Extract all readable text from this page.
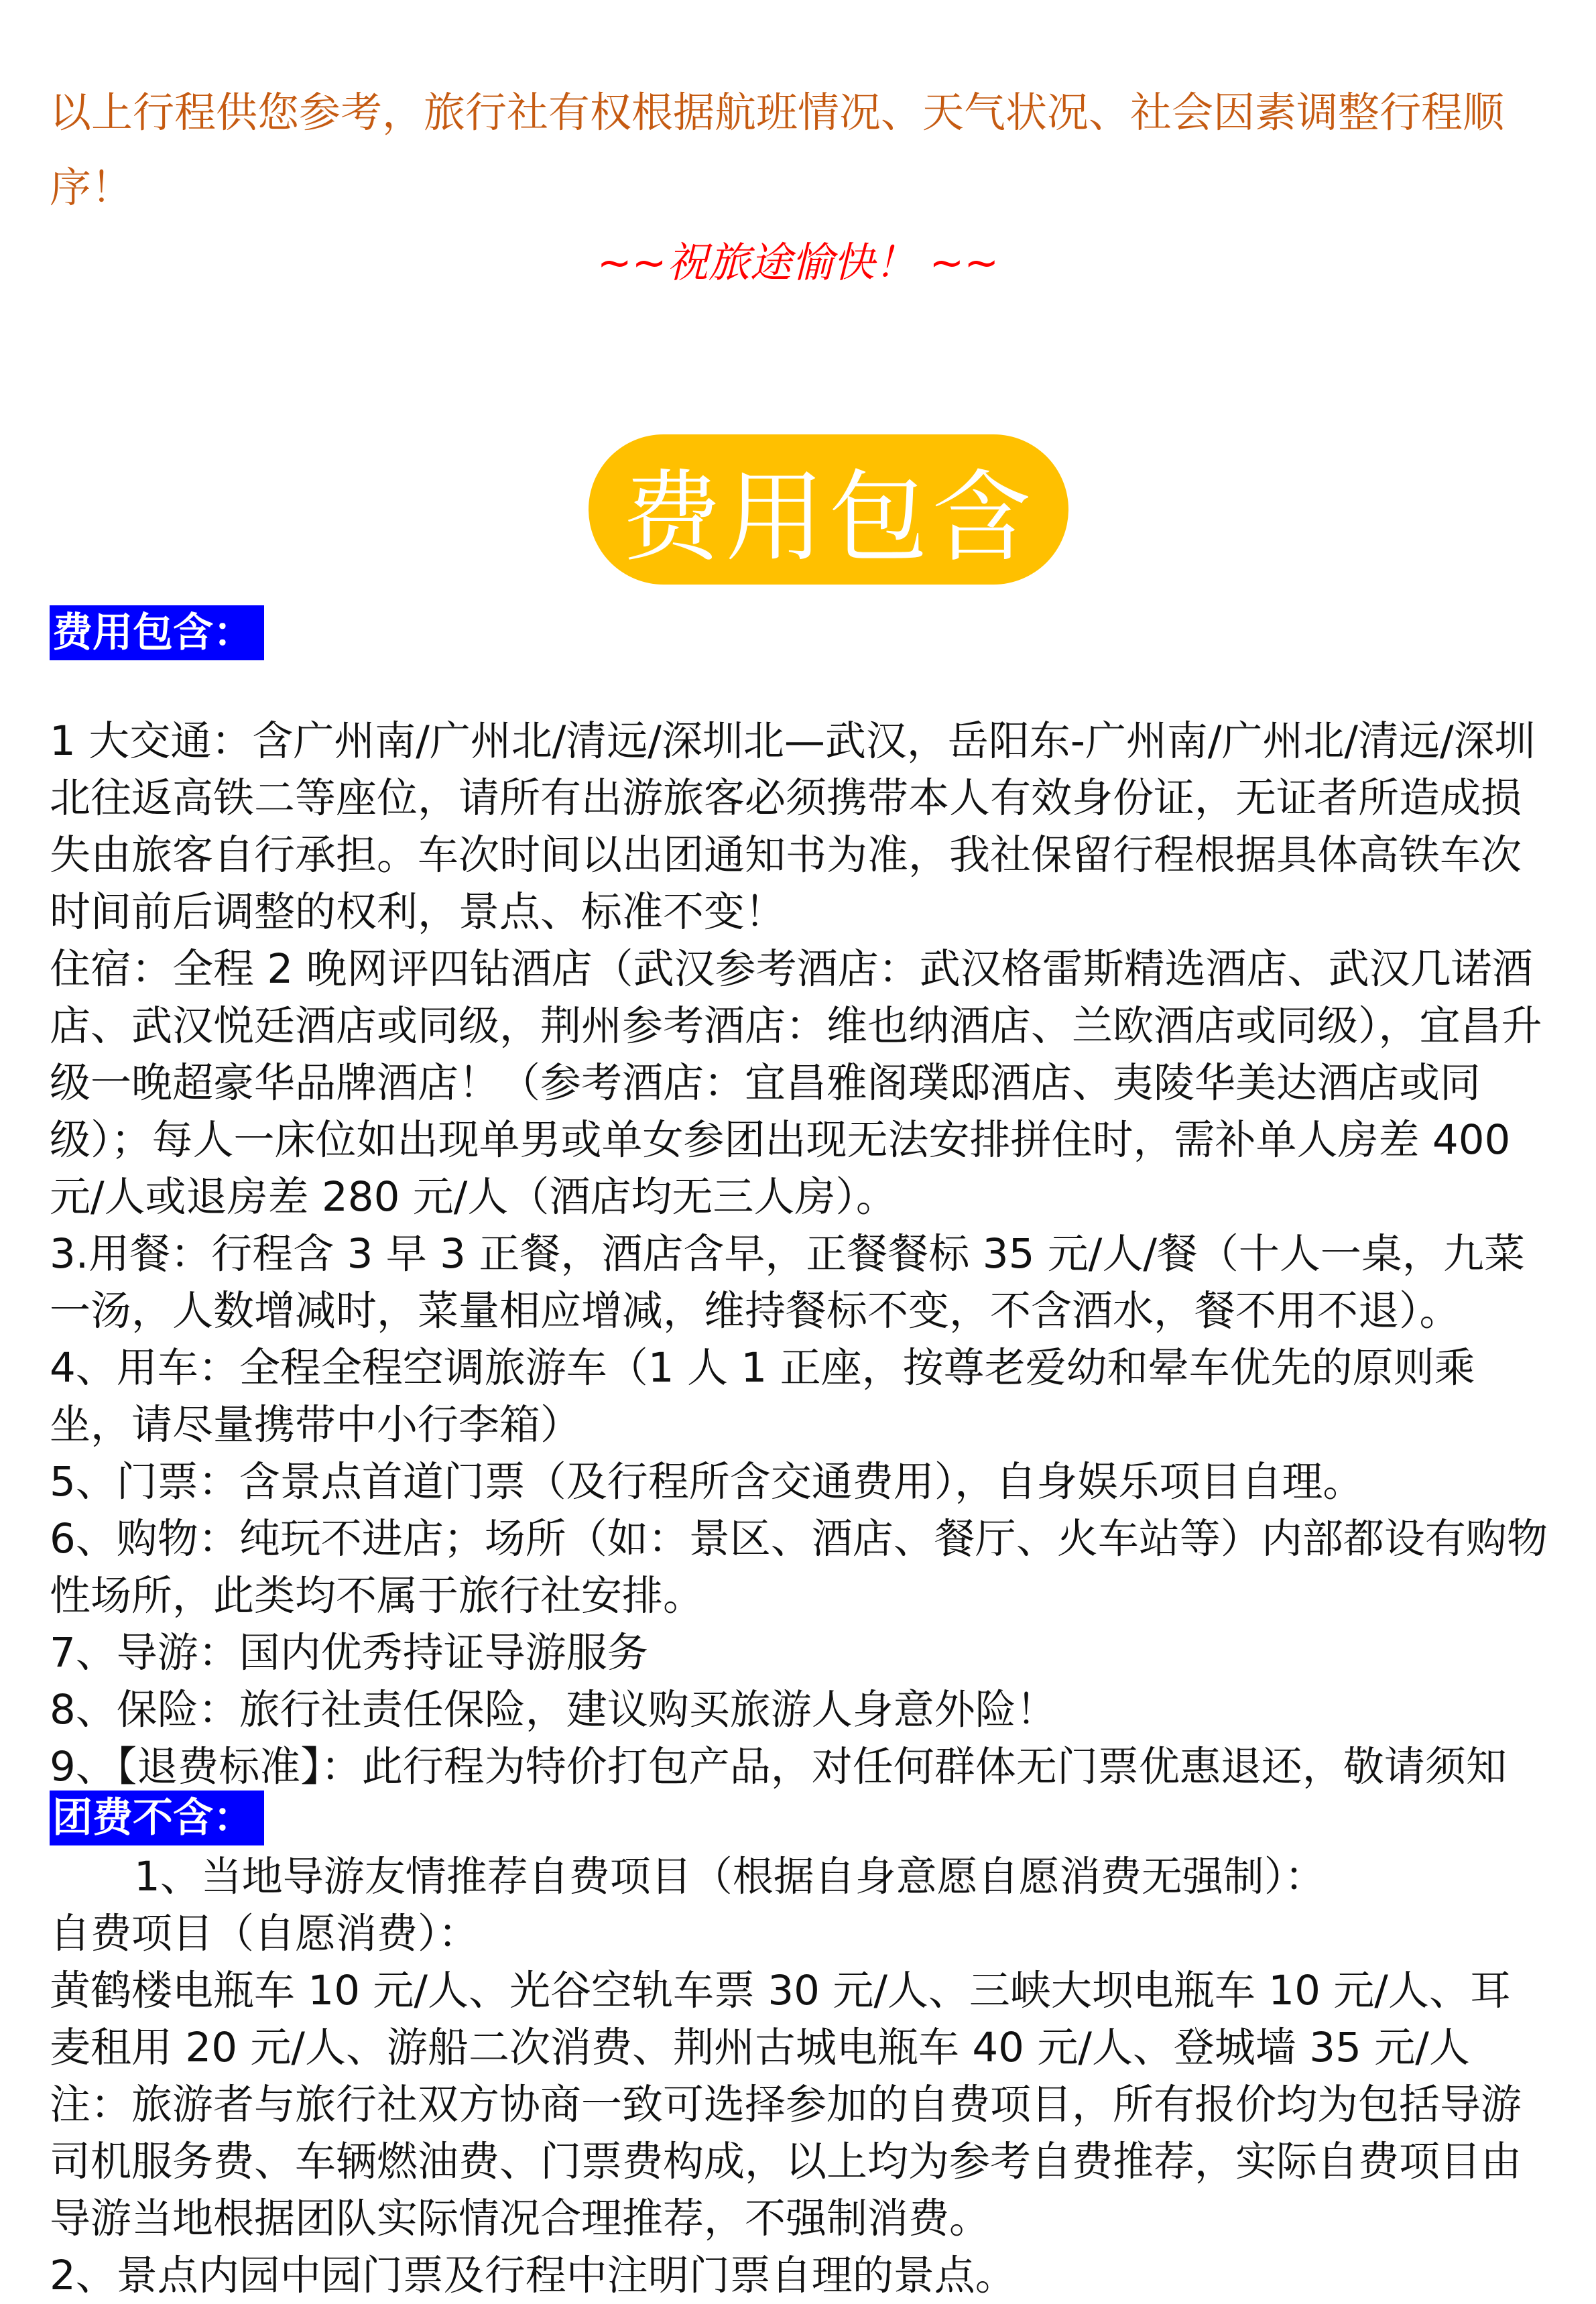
以上行程供您参考，旅行社有权根据航班情况、天气状况、社会因素调整行程顺序！
~~祝旅途愉快！ ~~
费用包含
费用包含：

1 大交通：含广州南/广州北/清远/深圳北—武汉，岳阳东-广州南/广州北/清远/深圳北往返高铁二等座位，请所有出游旅客必须携带本人有效身份证，无证者所造成损失由旅客自行承担。车次时间以出团通知书为准，我社保留行程根据具体高铁车次时间前后调整的权利，景点、标准不变！

住宿：全程 2 晚网评四钻酒店（武汉参考酒店：武汉格雷斯精选酒店、武汉几诺酒店、武汉悦廷酒店或同级，荆州参考酒店：维也纳酒店、兰欧酒店或同级），宜昌升级一晚超豪华品牌酒店！（参考酒店：宜昌雅阁璞邸酒店、夷陵华美达酒店或同级）；每人一床位如出现单男或单女参团出现无法安排拼住时，需补单人房差 400 元/人或退房差 280 元/人（酒店均无三人房）。

3.用餐：行程含 3 早 3 正餐，酒店含早，正餐餐标 35 元/人/餐（十人一桌，九菜一汤，人数增减时，菜量相应增减，维持餐标不变，不含酒水，餐不用不退）。

4、用车：全程全程空调旅游车（1 人 1 正座，按尊老爱幼和晕车优先的原则乘坐，请尽量携带中小行李箱）

5、门票：含景点首道门票（及行程所含交通费用），自身娱乐项目自理。

6、购物：纯玩不进店；场所（如：景区、酒店、餐厅、火车站等）内部都设有购物性场所，此类均不属于旅行社安排。

7、导游：国内优秀持证导游服务

8、保险：旅行社责任保险，建议购买旅游人身意外险！

9、【退费标准】：此行程为特价打包产品，对任何群体无门票优惠退还，敬请须知

团费不含：

1、当地导游友情推荐自费项目（根据自身意愿自愿消费无强制）：

自费项目（自愿消费）：

黄鹤楼电瓶车 10 元/人、光谷空轨车票 30 元/人、三峡大坝电瓶车 10 元/人、耳麦租用 20 元/人、游船二次消费、荆州古城电瓶车 40 元/人、登城墙 35 元/人

注：旅游者与旅行社双方协商一致可选择参加的自费项目，所有报价均为包括导游司机服务费、车辆燃油费、门票费构成，以上均为参考自费推荐，实际自费项目由导游当地根据团队实际情况合理推荐，不强制消费。

2、景点内园中园门票及行程中注明门票自理的景点。
